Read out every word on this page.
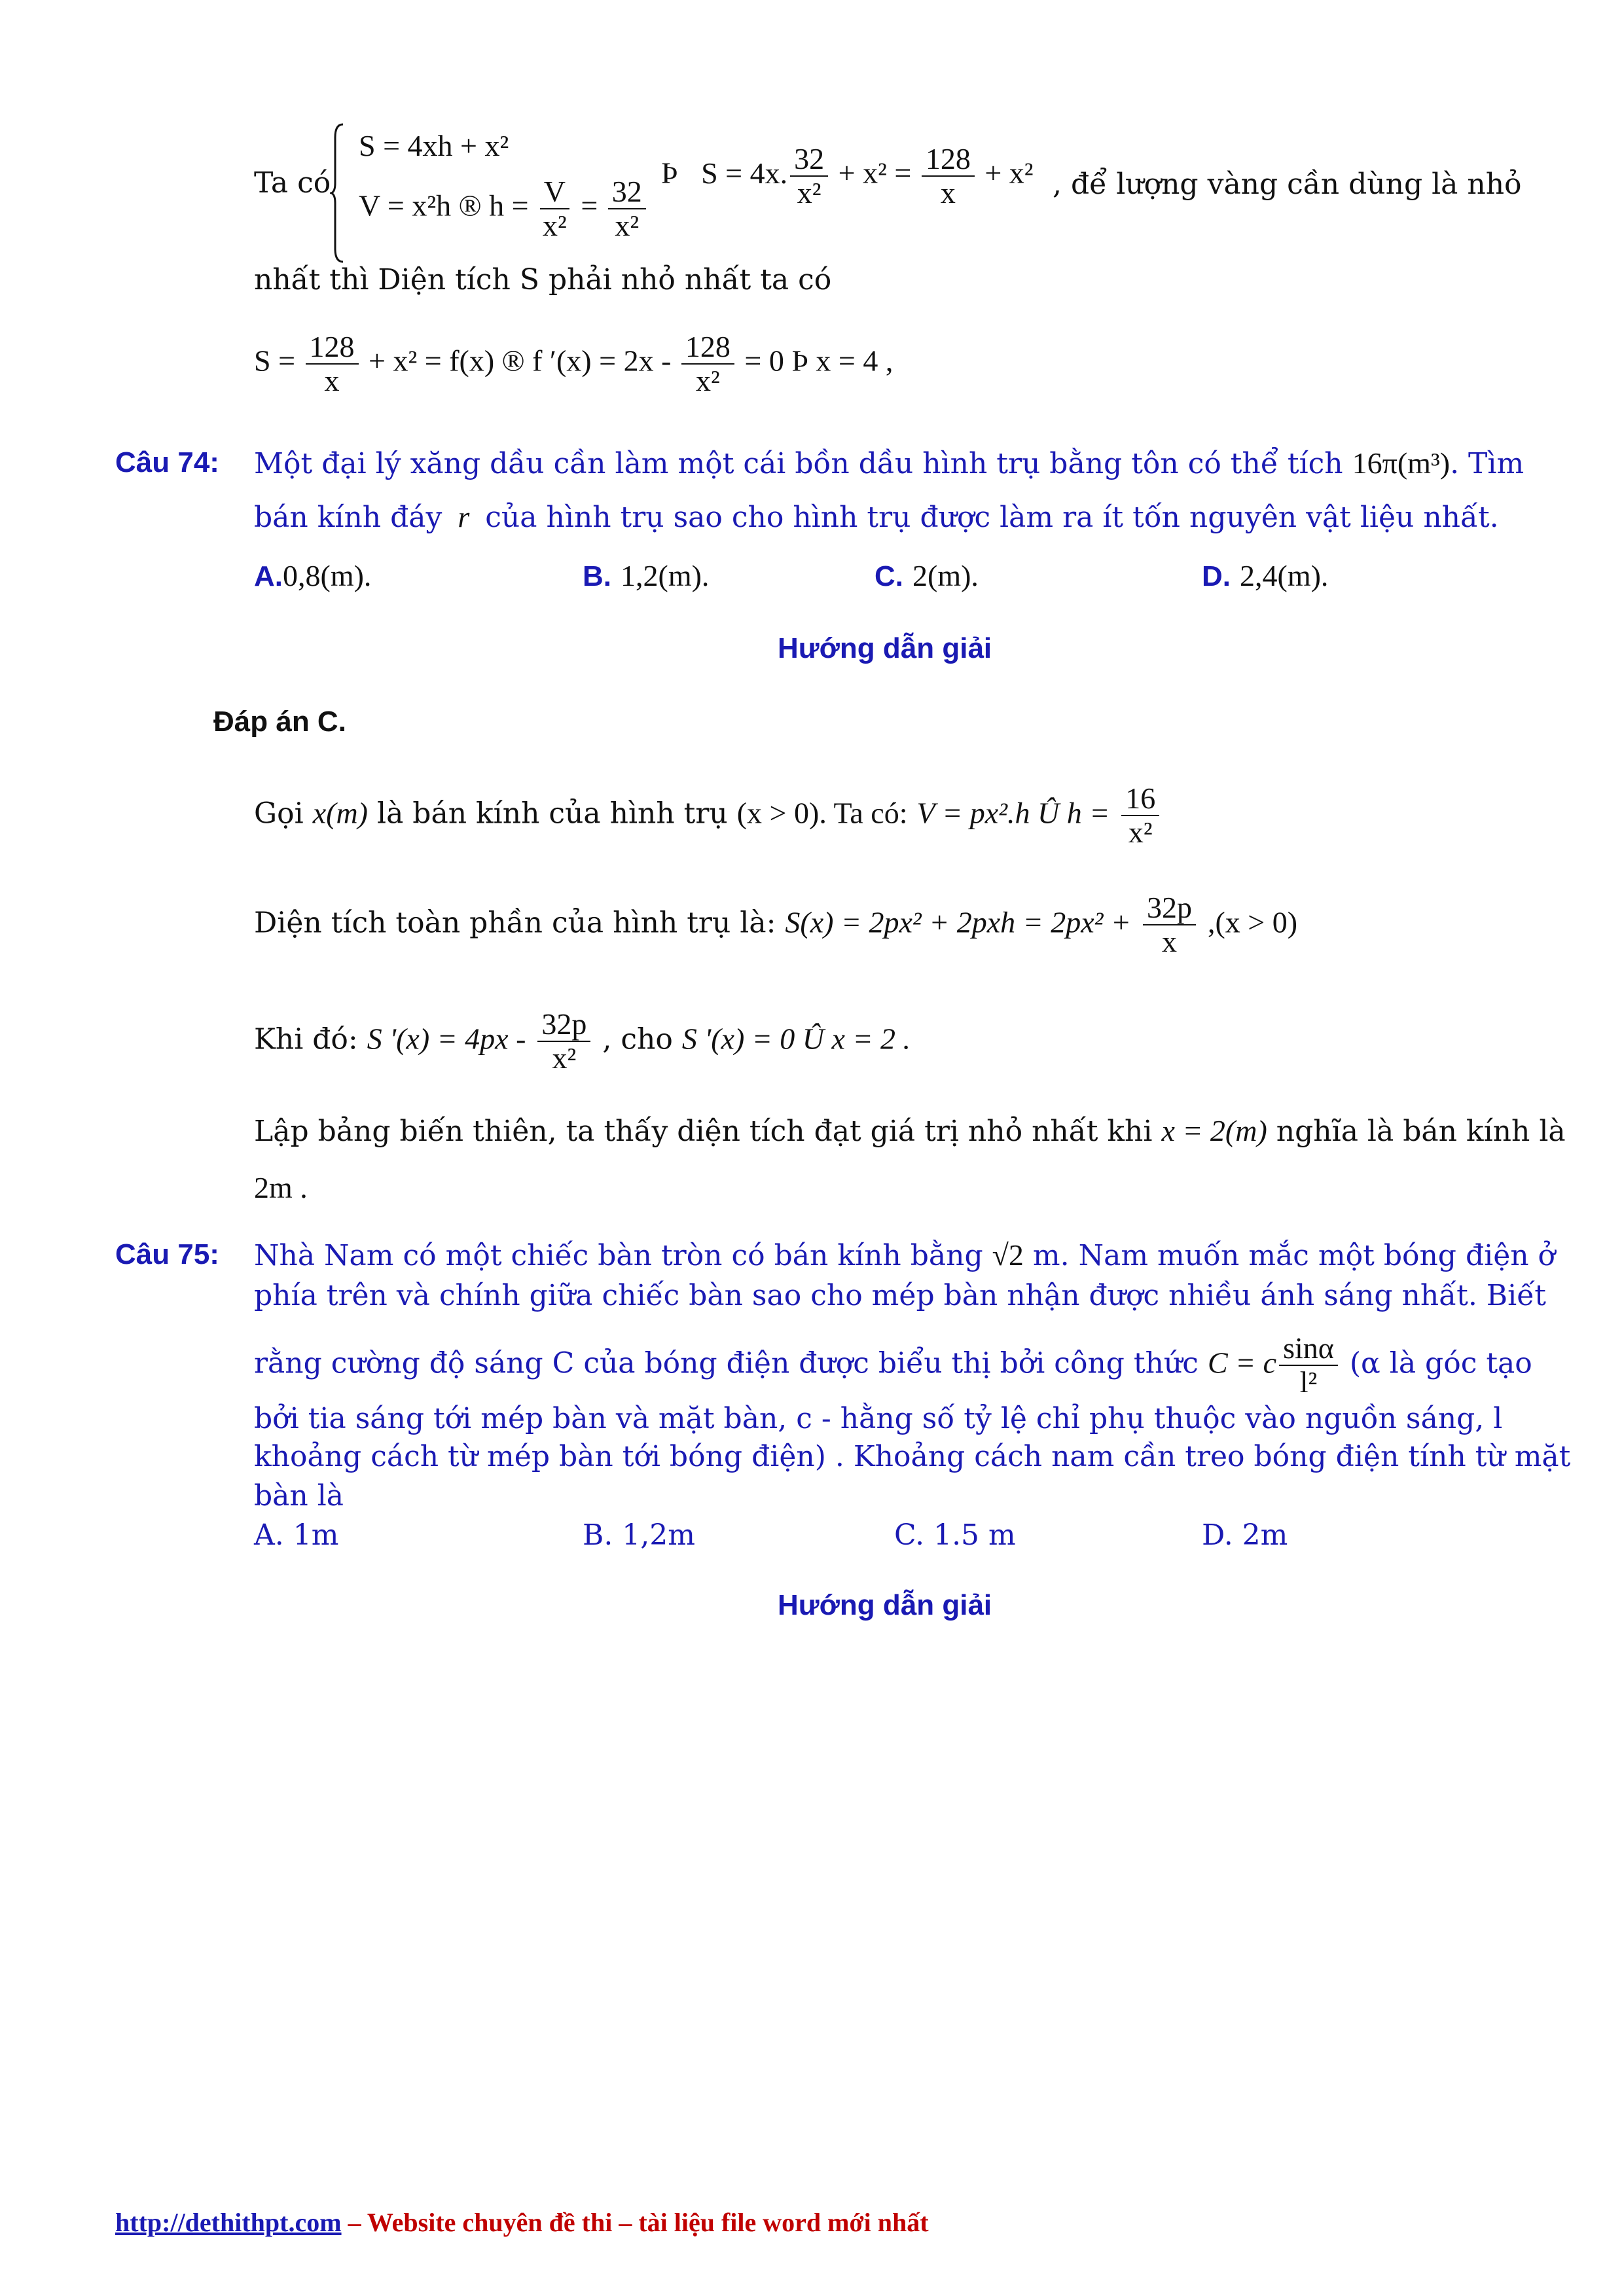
Ta có
S = 4xh + x²
V = x²h ® $h = \frac{V}{\text{x²}} = \frac{32}{\text{x²}}$
Þ S = 4x. $\frac{32}{\text{x²}} + x^2 = \frac{128}{x} + x^2$ , để lượng vàng cần dùng là nhỏ
nhất thì Diện tích S phải nhỏ nhất ta có
$S = \frac{128}{x} + x^2 = f(x)$ ® f $'(x) = 2x - \frac{128}{\text{x²}} = 0$ Þ x = 4 ,
Câu 74: Một đại lý xăng dầu cần làm một cái bồn dầu hình trụ bằng tôn có thể tích 16π(m³). Tìm
bán kính đáy r của hình trụ sao cho hình trụ được làm ra ít tốn nguyên vật liệu nhất.
A.0,8(m).	B. 1,2(m).	C. 2(m).	D. 2,4(m).
Hướng dẫn giải
Đáp án C.
Gọi x(m) là bán kính của hình trụ (x > 0). Ta có: V = px².h Û $h = \frac{16}{\text{x²}}$
Diện tích toàn phần của hình trụ là: $S(x) = 2px^2 + 2pxh = 2px^2 + \frac{32p}{x} ,(x > 0)$
Khi đó: S '$(x) = 4px - \frac{32p}{\text{x²}}$ , cho S '(x) = 0 Û x = 2 .
Lập bảng biến thiên, ta thấy diện tích đạt giá trị nhỏ nhất khi x = 2(m) nghĩa là bán kính là
2m .
Câu 75: Nhà Nam có một chiếc bàn tròn có bán kính bằng √2 m. Nam muốn mắc một bóng điện ở
phía trên và chính giữa chiếc bàn sao cho mép bàn nhận được nhiều ánh sáng nhất. Biết
rằng cường độ sáng C của bóng điện được biểu thị bởi công thức C = c $\frac{\sin\alpha}{\text{l²}} (\alpha$ là góc tạo
bởi tia sáng tới mép bàn và mặt bàn, c - hằng số tỷ lệ chỉ phụ thuộc vào nguồn sáng, l
khoảng cách từ mép bàn tới bóng điện) . Khoảng cách nam cần treo bóng điện tính từ mặt
bàn là
A. 1m	B. 1,2m	C. 1.5 m	D. 2m
Hướng dẫn giải
http://dethithpt.com – Website chuyên đề thi – tài liệu file word mới nhất
